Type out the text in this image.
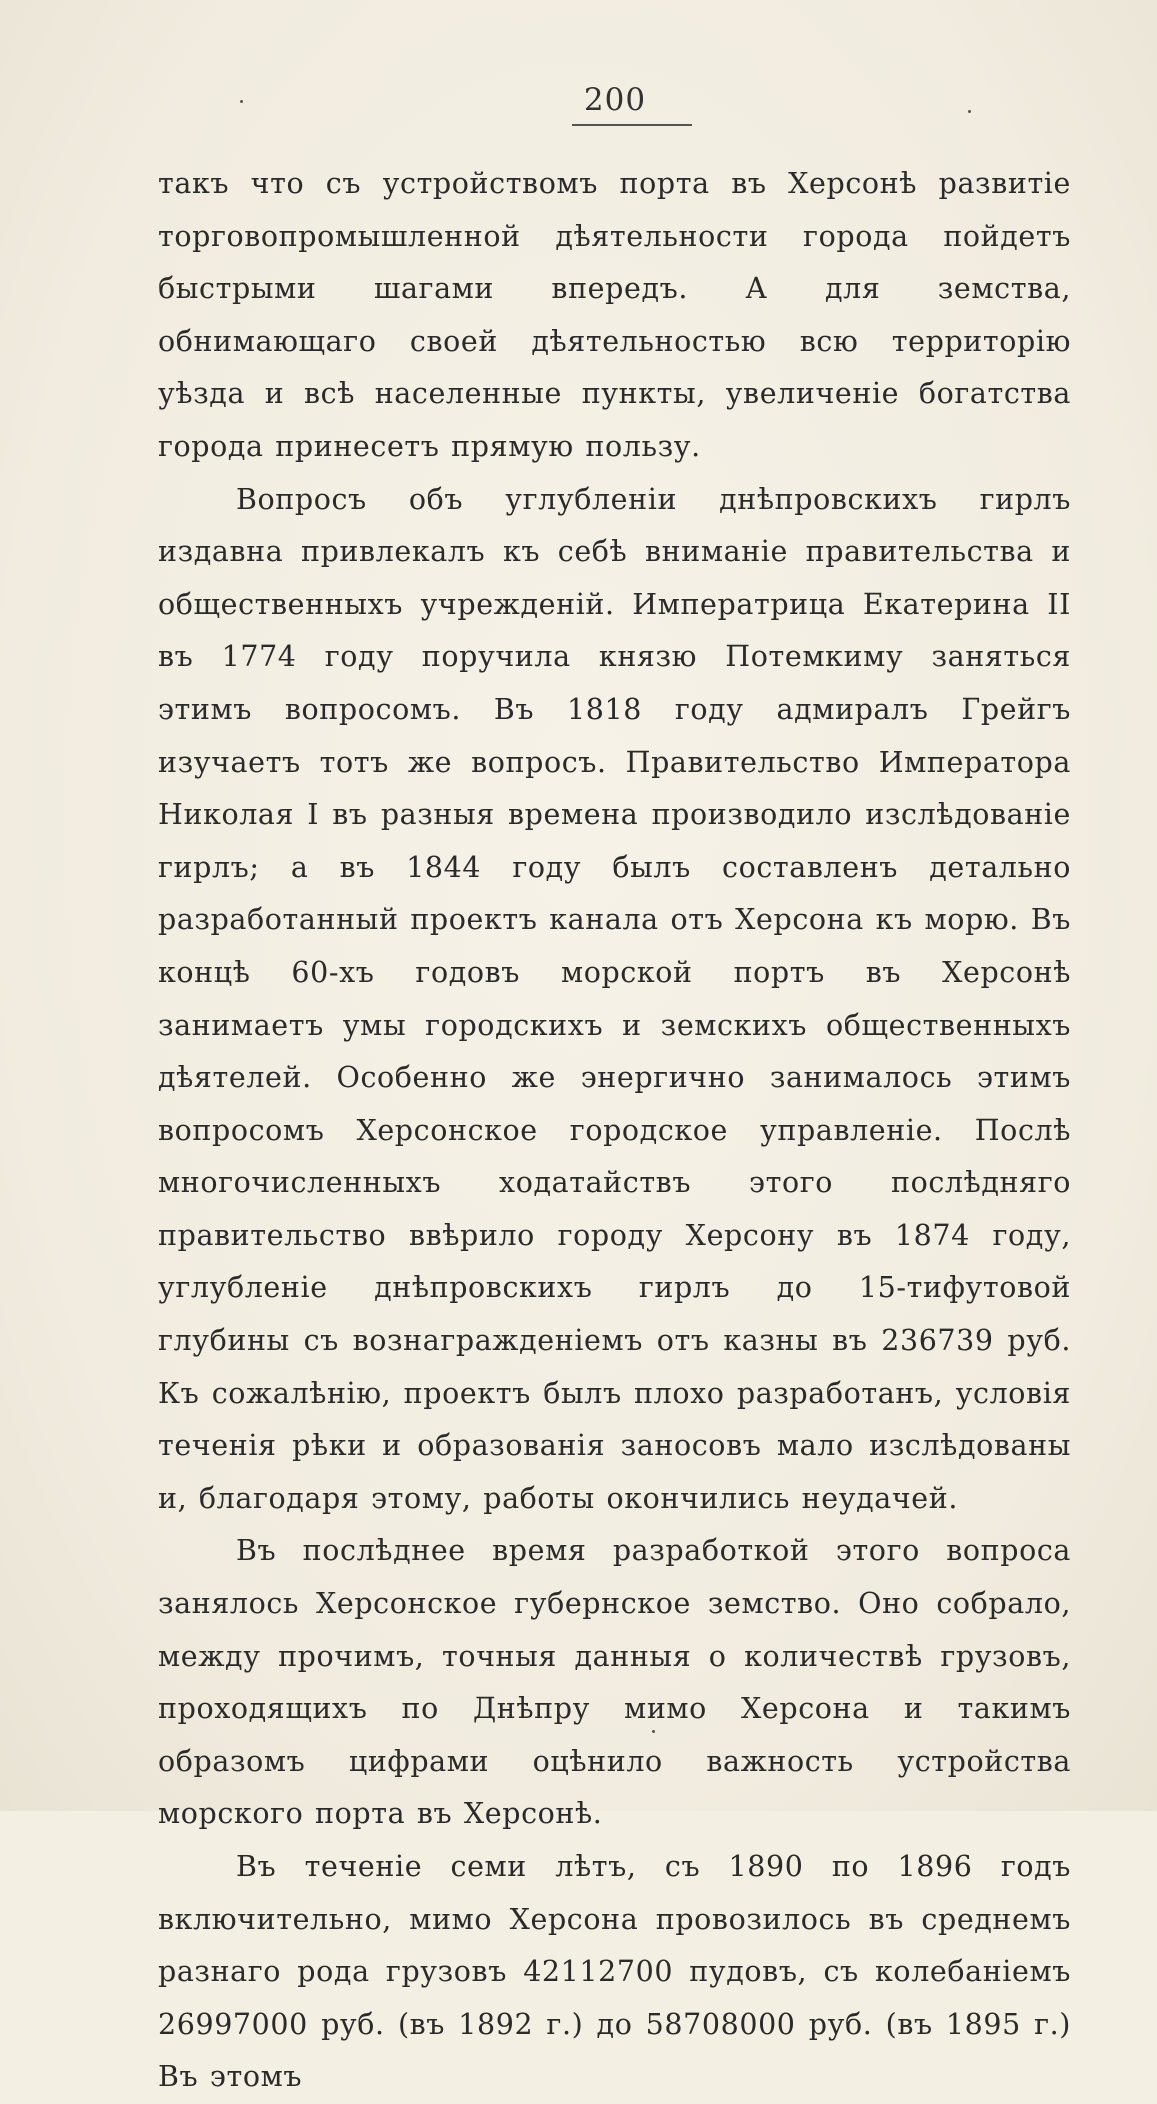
200

такъ что съ устройствомъ порта въ Херсонѣ развитіе торговопромышленной дѣятельности города пойдетъ быстрыми шагами впередъ. А для земства, обнимающаго своей дѣятельностью всю территорію уѣзда и всѣ населенные пункты, увеличеніе богатства города принесетъ прямую пользу.

Вопросъ объ углубленіи днѣпровскихъ гирлъ издавна привлекалъ къ себѣ вниманіе правительства и общественныхъ учрежденій. Императрица Екатерина II въ 1774 году поручила князю Потемкиму заняться этимъ вопросомъ. Въ 1818 году адмиралъ Грейгъ изучаетъ тотъ же вопросъ. Правительство Императора Николая I въ разныя времена производило изслѣдованіе гирлъ; а въ 1844 году былъ составленъ детально разработанный проектъ канала отъ Херсона къ морю. Въ концѣ 60-хъ годовъ морской портъ въ Херсонѣ занимаетъ умы городскихъ и земскихъ общественныхъ дѣятелей. Особенно же энергично занималось этимъ вопросомъ Херсонское городское управленіе. Послѣ многочисленныхъ ходатайствъ этого послѣдняго правительство ввѣрило городу Херсону въ 1874 году, углубленіе днѣпровскихъ гирлъ до 15-тифутовой глубины съ вознагражденіемъ отъ казны въ 236739 руб. Къ сожалѣнію, проектъ былъ плохо разработанъ, условія теченія рѣки и образованія заносовъ мало изслѣдованы и, благодаря этому, работы окончились неудачей.

Въ послѣднее время разработкой этого вопроса занялось Херсонское губернское земство. Оно собрало, между прочимъ, точныя данныя о количествѣ грузовъ, проходящихъ по Днѣпру мимо Херсона и такимъ образомъ цифрами оцѣнило важность устройства морского порта въ Херсонѣ.

Въ теченіе семи лѣтъ, съ 1890 по 1896 годъ включительно, мимо Херсона провозилось въ среднемъ разнаго рода грузовъ 42112700 пудовъ, съ колебаніемъ 26997000 руб. (въ 1892 г.) до 58708000 руб. (въ 1895 г.) Въ этомъ
